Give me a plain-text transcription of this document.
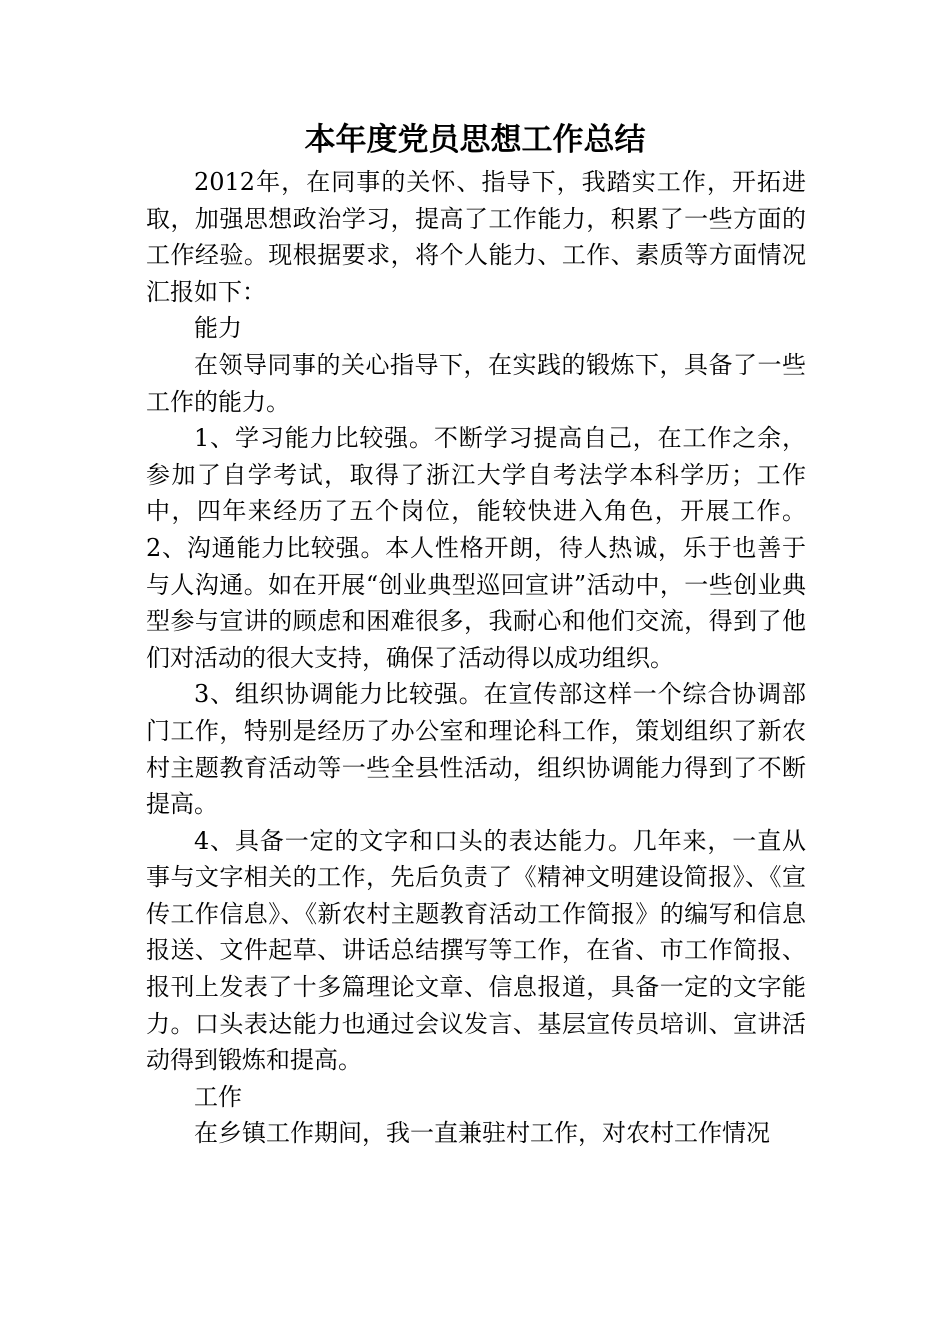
本年度党员思想工作总结

2012年，在同事的关怀、指导下，我踏实工作，开拓进取，加强思想政治学习，提高了工作能力，积累了一些方面的工作经验。现根据要求，将个人能力、工作、素质等方面情况汇报如下：

能力

在领导同事的关心指导下，在实践的锻炼下，具备了一些工作的能力。

1、学习能力比较强。不断学习提高自己，在工作之余，参加了自学考试，取得了浙江大学自考法学本科学历；工作中，四年来经历了五个岗位，能较快进入角色，开展工作。 2、沟通能力比较强。本人性格开朗，待人热诚，乐于也善于与人沟通。如在开展“创业典型巡回宣讲”活动中，一些创业典型参与宣讲的顾虑和困难很多，我耐心和他们交流，得到了他们对活动的很大支持，确保了活动得以成功组织。

3、组织协调能力比较强。在宣传部这样一个综合协调部门工作，特别是经历了办公室和理论科工作，策划组织了新农村主题教育活动等一些全县性活动，组织协调能力得到了不断提高。

4、具备一定的文字和口头的表达能力。几年来，一直从事与文字相关的工作，先后负责了《精神文明建设简报》、《宣传工作信息》、《新农村主题教育活动工作简报》的编写和信息报送、文件起草、讲话总结撰写等工作，在省、市工作简报、报刊上发表了十多篇理论文章、信息报道，具备一定的文字能力。口头表达能力也通过会议发言、基层宣传员培训、宣讲活动得到锻炼和提高。

工作

在乡镇工作期间，我一直兼驻村工作，对农村工作情况
